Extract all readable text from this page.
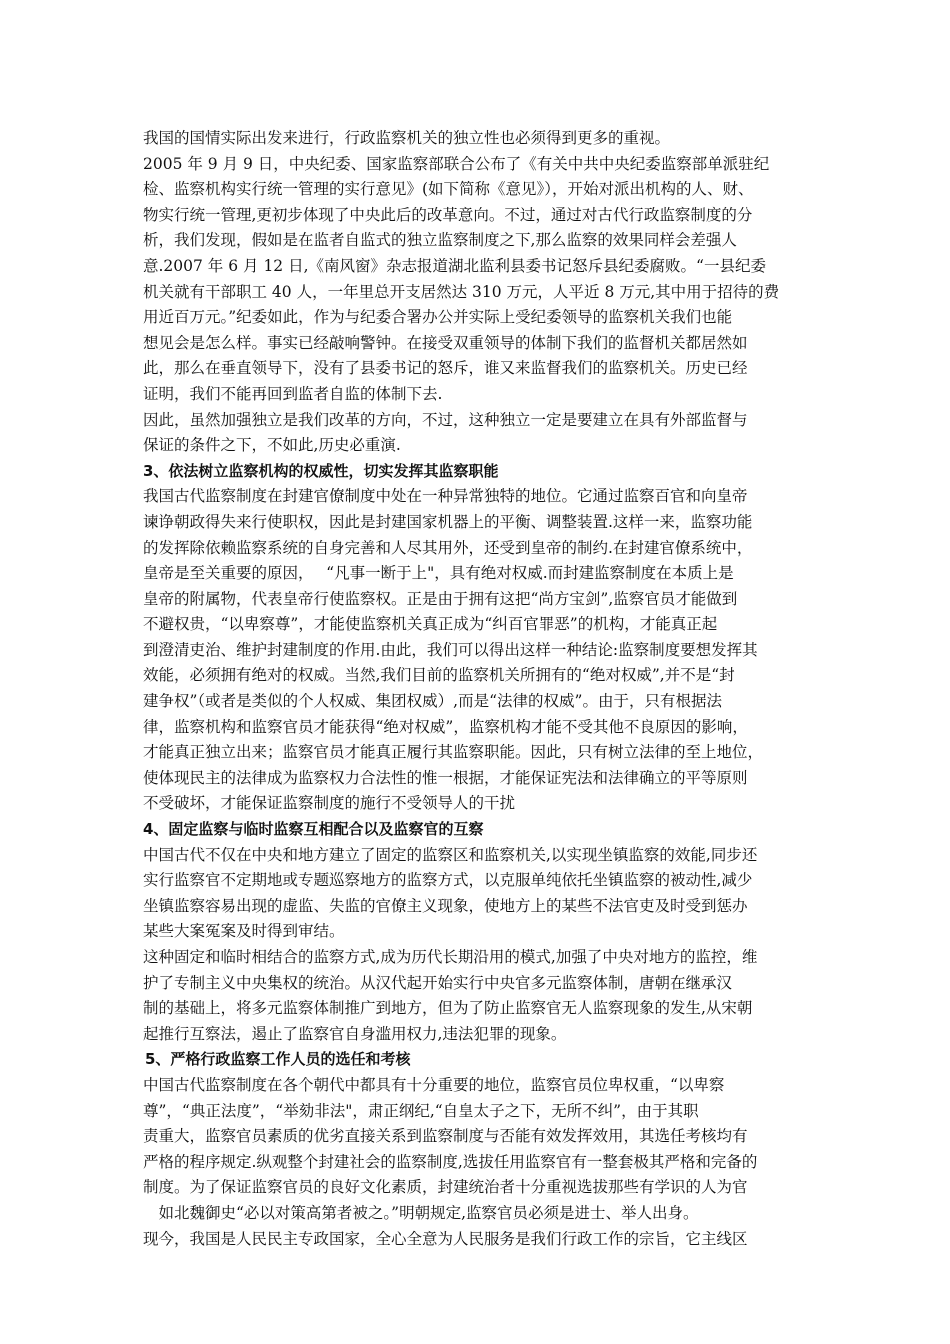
我国的国情实际出发来进行，行政监察机关的独立性也必须得到更多的重视。
2005 年 9 月 9 日，中央纪委、国家监察部联合公布了《有关中共中央纪委监察部单派驻纪
检、监察机构实行统一管理的实行意见》(如下简称《意见》），开始对派出机构的人、财、
物实行统一管理,更初步体现了中央此后的改革意向。不过，通过对古代行政监察制度的分
析，我们发现，假如是在监者自监式的独立监察制度之下,那么监察的效果同样会差强人
意.2007 年 6 月 12 日,《南风窗》杂志报道湖北监利县委书记怒斥县纪委腐败。“一县纪委
机关就有干部职工 40 人，一年里总开支居然达 310 万元，人平近 8 万元,其中用于招待的费
用近百万元。”纪委如此，作为与纪委合署办公并实际上受纪委领导的监察机关我们也能
想见会是怎么样。事实已经敲响警钟。在接受双重领导的体制下我们的监督机关都居然如
此，那么在垂直领导下，没有了县委书记的怒斥，谁又来监督我们的监察机关。历史已经
证明，我们不能再回到监者自监的体制下去.
因此，虽然加强独立是我们改革的方向，不过，这种独立一定是要建立在具有外部监督与
保证的条件之下，不如此,历史必重演.
3、依法树立监察机构的权威性，切实发挥其监察职能
我国古代监察制度在封建官僚制度中处在一种异常独特的地位。它通过监察百官和向皇帝
谏诤朝政得失来行使职权，因此是封建国家机器上的平衡、调整装置.这样一来，监察功能
的发挥除依赖监察系统的自身完善和人尽其用外，还受到皇帝的制约.在封建官僚系统中，
皇帝是至关重要的原因，　 “凡事一断于上"，具有绝对权威.而封建监察制度在本质上是
皇帝的附属物，代表皇帝行使监察权。正是由于拥有这把“尚方宝剑”,监察官员才能做到
不避权贵，“以卑察尊”，才能使监察机关真正成为“纠百官罪恶”的机构，才能真正起
到澄清吏治、维护封建制度的作用.由此，我们可以得出这样一种结论:监察制度要想发挥其
效能，必须拥有绝对的权威。当然,我们目前的监察机关所拥有的“绝对权威”,并不是“封
建争权”（或者是类似的个人权威、集团权威）,而是“法律的权威”。由于，只有根据法
律，监察机构和监察官员才能获得“绝对权威”，监察机构才能不受其他不良原因的影响，
才能真正独立出来；监察官员才能真正履行其监察职能。因此，只有树立法律的至上地位，
使体现民主的法律成为监察权力合法性的惟一根据，才能保证宪法和法律确立的平等原则
不受破坏，才能保证监察制度的施行不受领导人的干扰
4、固定监察与临时监察互相配合以及监察官的互察
中国古代不仅在中央和地方建立了固定的监察区和监察机关,以实现坐镇监察的效能,同步还
实行监察官不定期地或专题巡察地方的监察方式，以克服单纯依托坐镇监察的被动性,减少
坐镇监察容易出现的虚监、失监的官僚主义现象，使地方上的某些不法官吏及时受到惩办
某些大案冤案及时得到审结。
这种固定和临时相结合的监察方式,成为历代长期沿用的模式,加强了中央对地方的监控，维
护了专制主义中央集权的统治。从汉代起开始实行中央官多元监察体制，唐朝在继承汉
制的基础上，将多元监察体制推广到地方，但为了防止监察官无人监察现象的发生,从宋朝
起推行互察法，遏止了监察官自身滥用权力,违法犯罪的现象。
5、严格行政监察工作人员的选任和考核
中国古代监察制度在各个朝代中都具有十分重要的地位，监察官员位卑权重，“以卑察
尊”，“典正法度”，“举劾非法"，肃正纲纪,“自皇太子之下，无所不纠”，由于其职
责重大，监察官员素质的优劣直接关系到监察制度与否能有效发挥效用，其选任考核均有
严格的程序规定.纵观整个封建社会的监察制度,选拔任用监察官有一整套极其严格和完备的
制度。为了保证监察官员的良好文化素质，封建统治者十分重视选拔那些有学识的人为官
　如北魏御史“必以对策高第者被之。”明朝规定,监察官员必须是进士、举人出身。
现今，我国是人民民主专政国家，全心全意为人民服务是我们行政工作的宗旨，它主线区
